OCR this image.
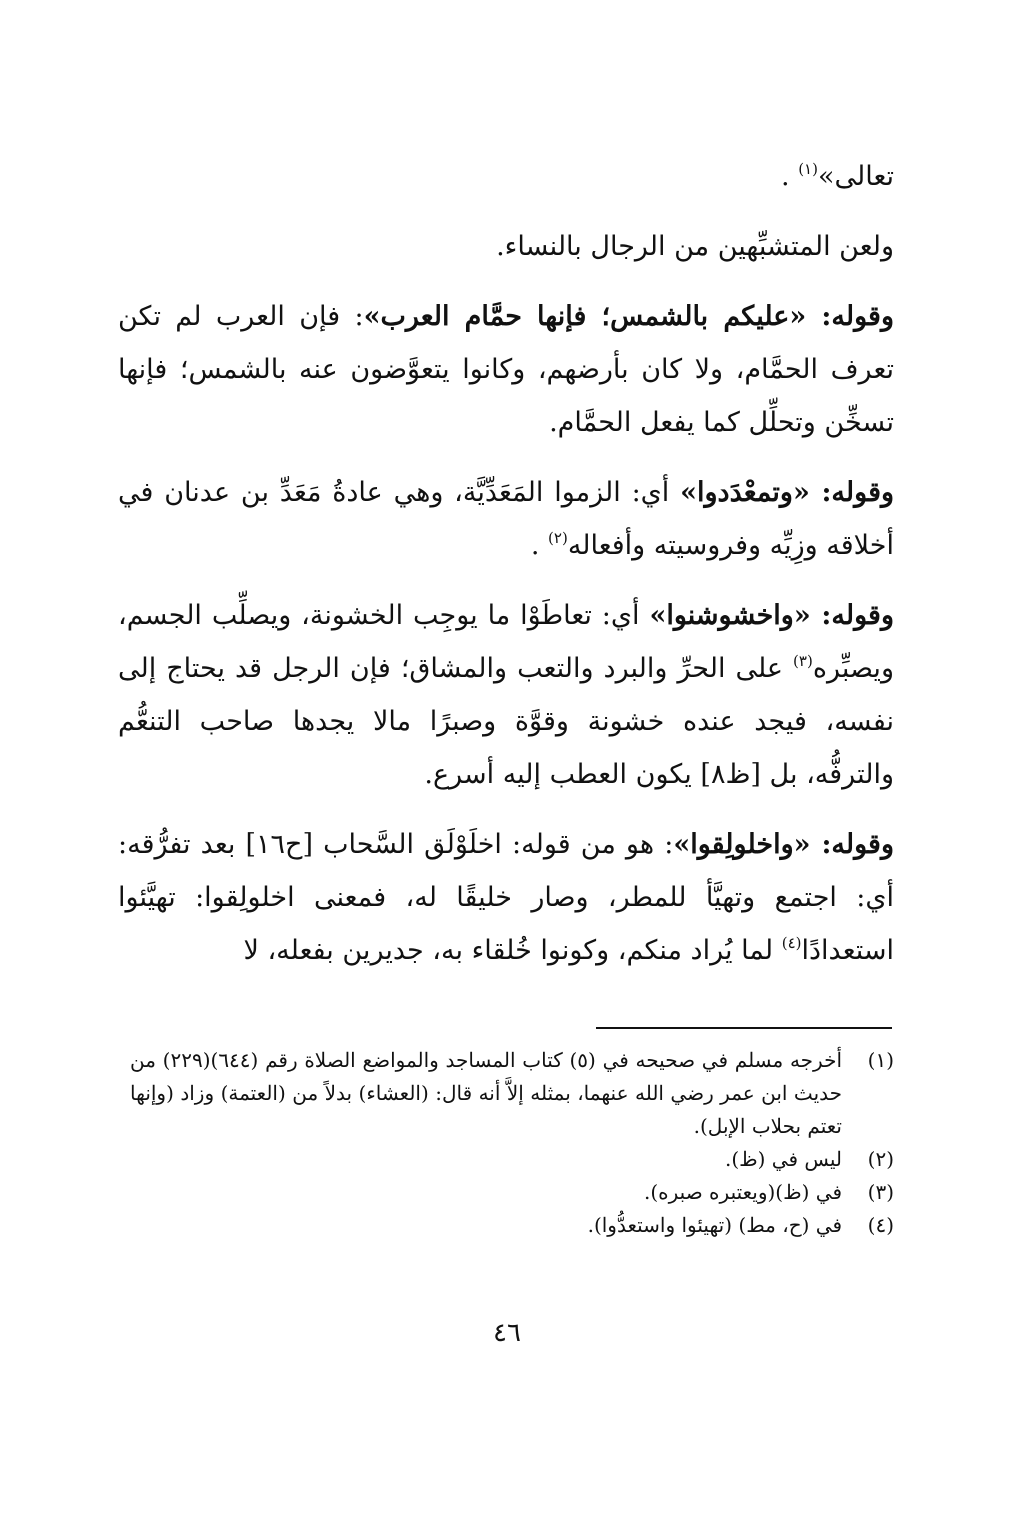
تعالى»$^{(١)}$ .

ولعن المتشبِّهين من الرجال بالنساء.

وقوله: «عليكم بالشمس؛ فإنها حمَّام العرب»: فإن العرب لم تكن تعرف الحمَّام، ولا كان بأرضهم، وكانوا يتعوَّضون عنه بالشمس؛ فإنها تسخِّن وتحلِّل كما يفعل الحمَّام.

وقوله: «وتمعْدَدوا» أي: الزموا المَعَدِّيَّة، وهي عادةُ مَعَدِّ بن عدنان في أخلاقه وزِيِّه وفروسيته وأفعاله$^{(٢)}$ .

وقوله: «واخشوشنوا» أي: تعاطَوْا ما يوجِب الخشونة، ويصلِّب الجسم، ويصبِّره$^{(٣)}$ على الحرِّ والبرد والتعب والمشاق؛ فإن الرجل قد يحتاج إلى نفسه، فيجد عنده خشونة وقوَّة وصبرًا مالا يجدها صاحب التنعُّم والترفُّه، بل [ظ٨] يكون العطب إليه أسرع.

وقوله: «واخلولِقوا»: هو من قوله: اخلَوْلَق السَّحاب [ح١٦] بعد تفرُّقه: أي: اجتمع وتهيَّأ للمطر، وصار خليقًا له، فمعنى اخلولِقوا: تهيَّئوا استعدادًا$^{(٤)}$ لما يُراد منكم، وكونوا خُلقاء به، جديرين بفعله، لا

(١)
أخرجه مسلم في صحيحه في (٥) كتاب المساجد والمواضع الصلاة رقم (٦٤٤)(٢٢٩) من حديث ابن عمر رضي الله عنهما، بمثله إلاَّ أنه قال: (العشاء) بدلاً من (العتمة) وزاد (وإنها تعتم بحلاب الإبل).
(٢)
ليس في (ظ).
(٣)
في (ظ)(ويعتبره صبره).
(٤)
في (ح، مط) (تهيئوا واستعدُّوا).
٤٦
